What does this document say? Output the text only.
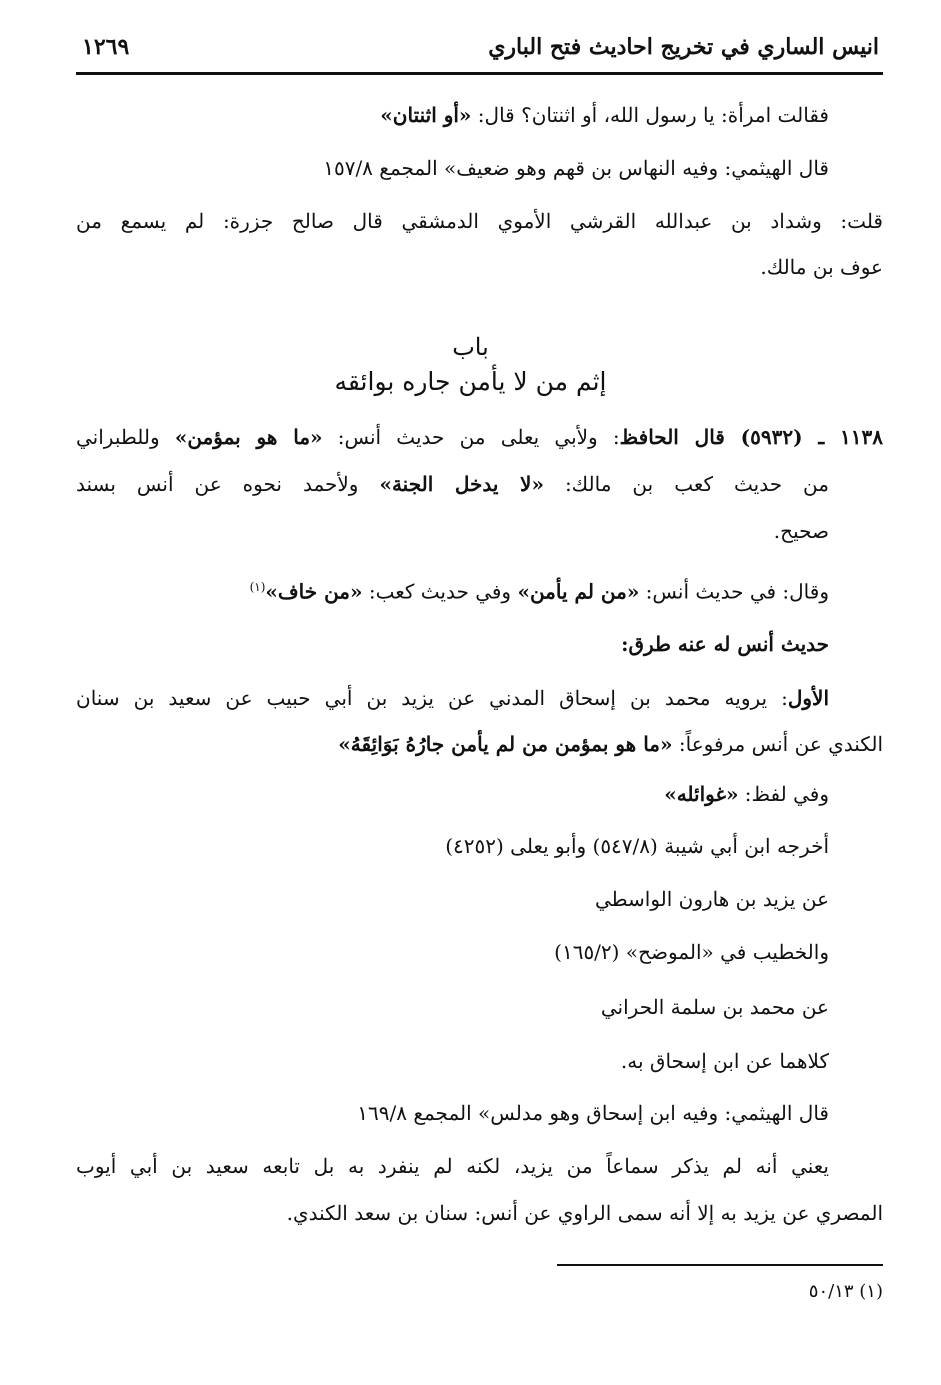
انيس الساري في تخريج احاديث فتح الباري
١٢٦٩
فقالت امرأة: يا رسول الله، أو اثنتان؟ قال: «أو اثنتان»
قال الهيثمي: وفيه النهاس بن قهم وهو ضعيف» المجمع ١٥٧/٨
قلت: وشداد بن عبدالله القرشي الأموي الدمشقي قال صالح جزرة: لم يسمع من
عوف بن مالك.
باب
إثم من لا يأمن جاره بوائقه
١١٣٨ ـ (٥٩٣٢) قال الحافظ: ولأبي يعلى من حديث أنس: «ما هو بمؤمن» وللطبراني
من حديث كعب بن مالك: «لا يدخل الجنة» ولأحمد نحوه عن أنس بسند
صحيح.
وقال: في حديث أنس: «من لم يأمن» وفي حديث كعب: «من خاف»$^{(١)}$
حديث أنس له عنه طرق:
الأول: يرويه محمد بن إسحاق المدني عن يزيد بن أبي حبيب عن سعيد بن سنان
الكندي عن أنس مرفوعاً: «ما هو بمؤمن من لم يأمن جارُهُ بَوَائِقَهُ»
وفي لفظ: «غوائله»
أخرجه ابن أبي شيبة (٥٤٧/٨) وأبو يعلى (٤٢٥٢)
عن يزيد بن هارون الواسطي
والخطيب في «الموضح» (١٦٥/٢)
عن محمد بن سلمة الحراني
كلاهما عن ابن إسحاق به.
قال الهيثمي: وفيه ابن إسحاق وهو مدلس» المجمع ١٦٩/٨
يعني أنه لم يذكر سماعاً من يزيد، لكنه لم ينفرد به بل تابعه سعيد بن أبي أيوب
المصري عن يزيد به إلا أنه سمى الراوي عن أنس: سنان بن سعد الكندي.
(١) ٥٠/١٣
